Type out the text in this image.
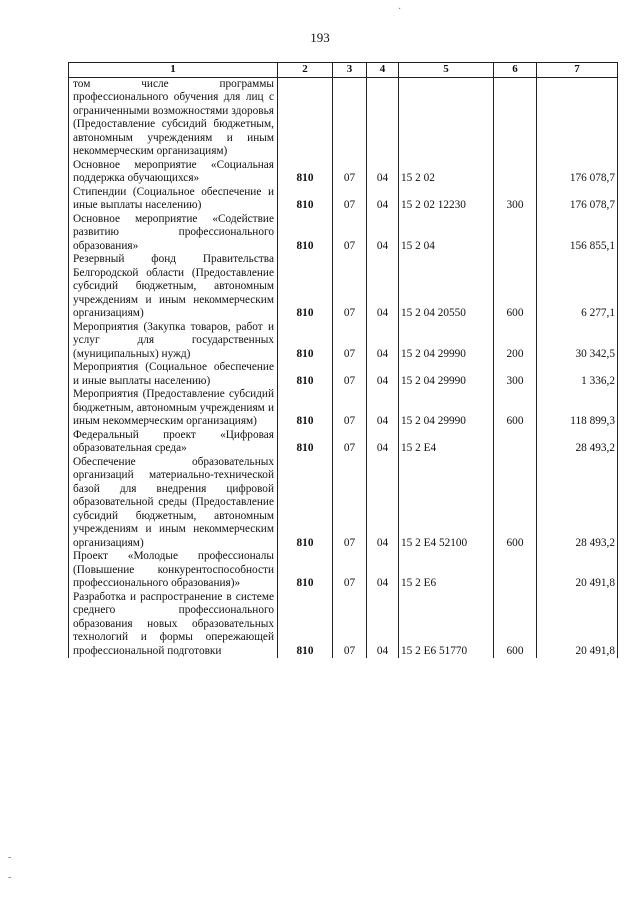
193
·
-
-
1	2	3	4	5	6	7
том числе программы профессионального обучения для лиц с ограниченными возможностями здоровья (Предоставление субсидий бюджетным, автономным учреждениям и иным некоммерческим организациям)						
Основное мероприятие «Социальная поддержка обучающихся»	810	07	04	15 2 02		176 078,7
Стипендии (Социальное обеспечение и иные выплаты населению)	810	07	04	15 2 02 12230	300	176 078,7
Основное мероприятие «Содействие развитию профессионального образования»	810	07	04	15 2 04		156 855,1
Резервный фонд Правительства Белгородской области (Предоставление субсидий бюджетным, автономным учреждениям и иным некоммерческим организациям)	810	07	04	15 2 04 20550	600	6 277,1
Мероприятия (Закупка товаров, работ и услуг для государственных (муниципальных) нужд)	810	07	04	15 2 04 29990	200	30 342,5
Мероприятия (Социальное обеспечение и иные выплаты населению)	810	07	04	15 2 04 29990	300	1 336,2
Мероприятия (Предоставление субсидий бюджетным, автономным учреждениям и иным некоммерческим организациям)	810	07	04	15 2 04 29990	600	118 899,3
Федеральный проект «Цифровая образовательная среда»	810	07	04	15 2 E4		28 493,2
Обеспечение образовательных организаций материально-технической базой для внедрения цифровой образовательной среды (Предоставление субсидий бюджетным, автономным учреждениям и иным некоммерческим организациям)	810	07	04	15 2 E4 52100	600	28 493,2
Проект «Молодые профессионалы (Повышение конкурентоспособности профессионального образования)»	810	07	04	15 2 E6		20 491,8
Разработка и распространение в системе среднего профессионального образования новых образовательных технологий и формы опережающей профессиональной подготовки	810	07	04	15 2 E6 51770	600	20 491,8
